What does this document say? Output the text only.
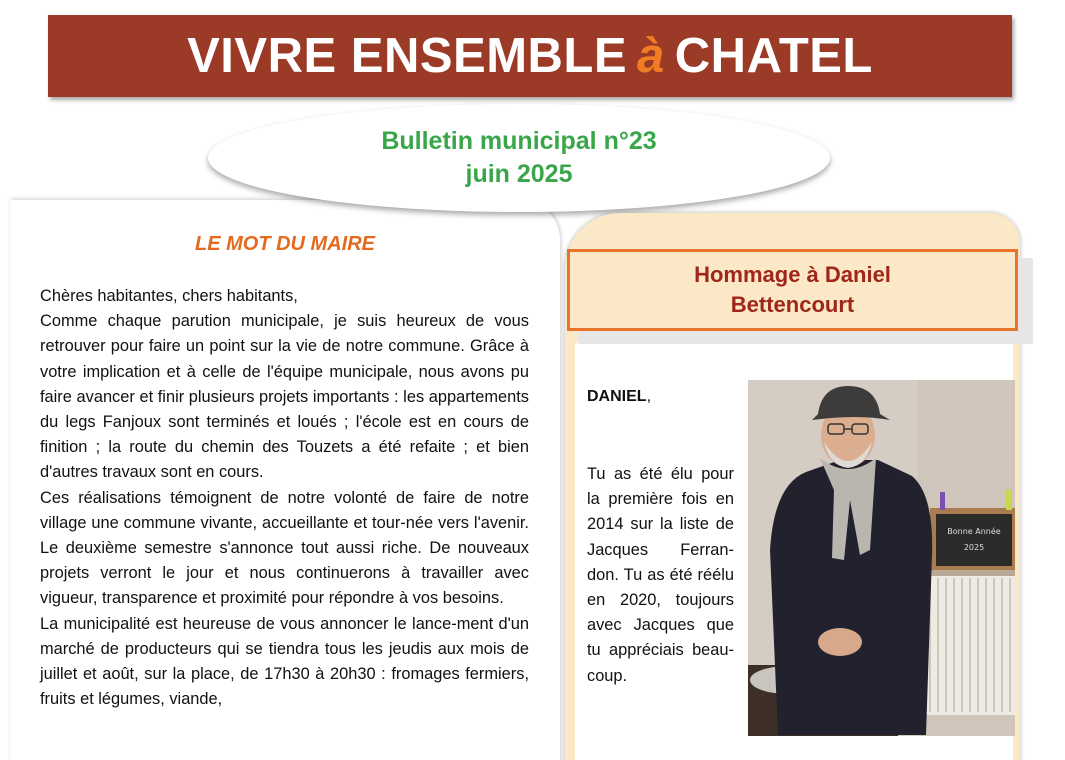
VIVRE ENSEMBLE à CHATEL
LE MOT DU MAIRE

Chères habitantes, chers habitants,

Comme chaque parution municipale, je suis heureux de vous retrouver pour faire un point sur la vie de notre commune. Grâce à votre implication et à celle de l'équipe municipale, nous avons pu faire avancer et finir plusieurs projets importants : les appartements du legs Fanjoux sont terminés et loués ; l'école est en cours de finition ; la route du chemin des Touzets a été refaite ; et bien d'autres travaux sont en cours.

Ces réalisations témoignent de notre volonté de faire de notre village une commune vivante, accueillante et tour-née vers l'avenir. Le deuxième semestre s'annonce tout aussi riche. De nouveaux projets verront le jour et nous continuerons à travailler avec vigueur, transparence et proximité pour répondre à vos besoins.

La municipalité est heureuse de vous annoncer le lance-ment d'un marché de producteurs qui se tiendra tous les jeudis aux mois de juillet et août, sur la place, de 17h30 à 20h30 : fromages fermiers, fruits et légumes, viande,

Bulletin municipal n°23
juin 2025
Hommage à Daniel
Bettencourt
DANIEL,
Tu as été élu pour la première fois en 2014 sur la liste de Jacques Ferran-don. Tu as été réélu en 2020, toujours avec Jacques que tu appréciais beau-coup.
Bonne Année
2025
